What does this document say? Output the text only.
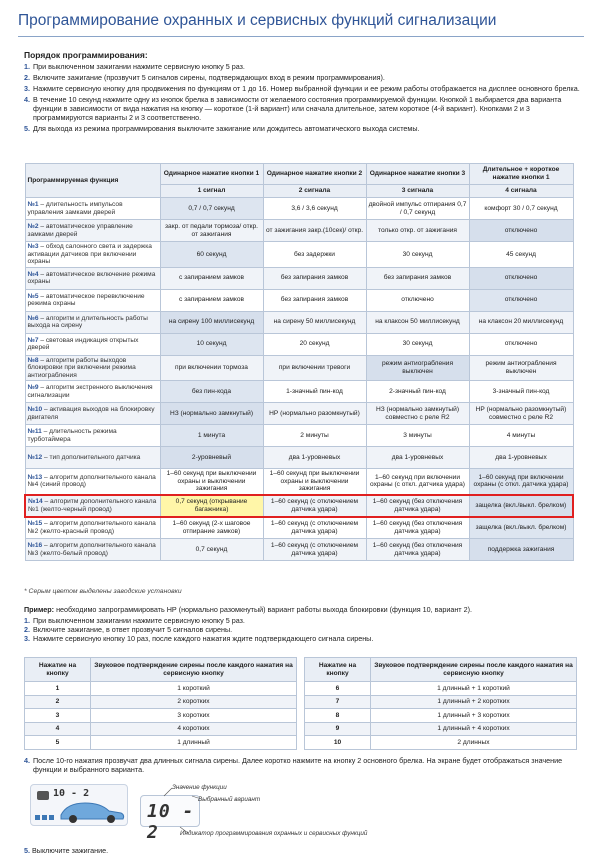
Программирование охранных и сервисных функций сигнализации
Порядок программирования:
1. При выключенном зажигании нажмите сервисную кнопку 5 раз.
2. Включите зажигание (прозвучит 5 сигналов сирены, подтверждающих вход в режим программирования).
3. Нажмите сервисную кнопку для продвижения по функциям от 1 до 16. Номер выбранной функции и ее режим работы отображается на дисплее основного брелка.
4. В течение 10 секунд нажмите одну из кнопок брелка в зависимости от желаемого состояния программируемой функции. Кнопкой 1 выбирается два варианта функции в зависимости от вида нажатия на кнопку — короткое (1-й вариант) или сначала длительное, затем короткое (4-й вариант). Кнопками 2 и 3 программируются варианты 2 и 3 соответственно.
5. Для выхода из режима программирования выключите зажигание или дождитесь автоматического выхода системы.
Программируемая функция	Одинарное нажатие кнопки 1	Одинарное нажатие кнопки 2	Одинарное нажатие кнопки 3	Длительное + короткое нажатие кнопки 1
	1 сигнал	2 сигнала	3 сигнала	4 сигнала
№1 – длительность импульсов управления замками дверей	0,7 / 0,7 секунд	3,6 / 3,6 секунд	двойной импульс отпирания 0,7 / 0,7 секунд	комфорт 30 / 0,7 секунд
№2 – автоматическое управление замками дверей	закр. от педали тормоза/ откр. от зажигания	от зажигания закр.(10сек)/ откр.	только откр. от зажигания	отключено
№3 – обход салонного света и задержка активации датчиков при включении охраны	60 секунд	без задержки	30 секунд	45 секунд
№4 – автоматическое включение режима охраны	с запиранием замков	без запирания замков	без запирания замков	отключено
№5 – автоматическое перевключение режима охраны	с запиранием замков	без запирания замков	отключено	отключено
№6 – алгоритм и длительность работы выхода на сирену	на сирену 100 миллисекунд	на сирену 50 миллисекунд	на клаксон 50 миллисекунд	на клаксон 20 миллисекунд
№7 – световая индикация открытых дверей	10 секунд	20 секунд	30 секунд	отключено
№8 – алгоритм работы выходов блокировки при включении режима антиограбления	при включении тормоза	при включении тревоги	режим антиограбления выключен	режим антиограбления выключен
№9 – алгоритм экстренного выключения сигнализации	без пин-кода	1-значный пин-код	2-значный пин-код	3-значный пин-код
№10 – активация выходов на блокировку двигателя	НЗ (нормально замкнутый)	НР (нормально разомкнутый)	НЗ (нормально замкнутый) совместно с реле R2	НР (нормально разомкнутый) совместно с реле R2
№11 – длительность режима турботаймера	1 минута	2 минуты	3 минуты	4 минуты
№12 – тип дополнительного датчика	2-уровневый	два 1-уровневых	два 1-уровневых	два 1-уровневых
№13 – алгоритм дополнительного канала №4 (синий провод)	1–60 секунд при выключении охраны и выключении зажигания	1–60 секунд при выключении охраны и выключении зажигания	1–60 секунд при включении охраны (с откл. датчика удара)	1–60 секунд при включении охраны (с откл. датчика удара)
№14 – алгоритм дополнительного канала №1 (желто-черный провод)	0,7 секунд (открывание багажника)	1–60 секунд (с отключением датчика удара)	1–60 секунд (без отключения датчика удара)	защелка (вкл./выкл. брелком)
№15 – алгоритм дополнительного канала №2 (желто-красный провод)	1–60 секунд (2-х шаговое отпирание замков)	1–60 секунд (с отключением датчика удара)	1–60 секунд (без отключения датчика удара)	защелка (вкл./выкл. брелком)
№16 – алгоритм дополнительного канала №3 (желто-белый провод)	0,7 секунд	1–60 секунд (с отключением датчика удара)	1–60 секунд (без отключения датчика удара)	поддержка зажигания
* Серым цветом выделены заводские установки
Пример: необходимо запрограммировать НР (нормально разомкнутый) вариант работы выхода блокировки (функция 10, вариант 2).
1. При выключенном зажигании нажмите сервисную кнопку 5 раз.
2. Включите зажигание, в ответ прозвучит 5 сигналов сирены.
3. Нажмите сервисную кнопку 10 раз, после каждого нажатия ждите подтверждающего сигнала сирены.
Нажатие на кнопку	Звуковое подтверждение сирены после каждого нажатия на сервисную кнопку
1	1 короткий
2	2 коротких
3	3 коротких
4	4 коротких
5	1 длинный
Нажатие на кнопку	Звуковое подтверждение сирены после каждого нажатия на сервисную кнопку
6	1 длинный + 1 короткий
7	1 длинный + 2 коротких
8	1 длинный + 3 коротких
9	1 длинный + 4 коротких
10	2 длинных
4. После 10-го нажатия прозвучат два длинных сигнала сирены. Далее коротко нажмите на кнопку 2 основного брелка. На экране будет отображаться значение функции и выбранного варианта.
10 - 2
10 - 2
Значение функции
Выбранный вариант
Индикатор программирования охранных и сервисных функций
5. Выключите зажигание.
